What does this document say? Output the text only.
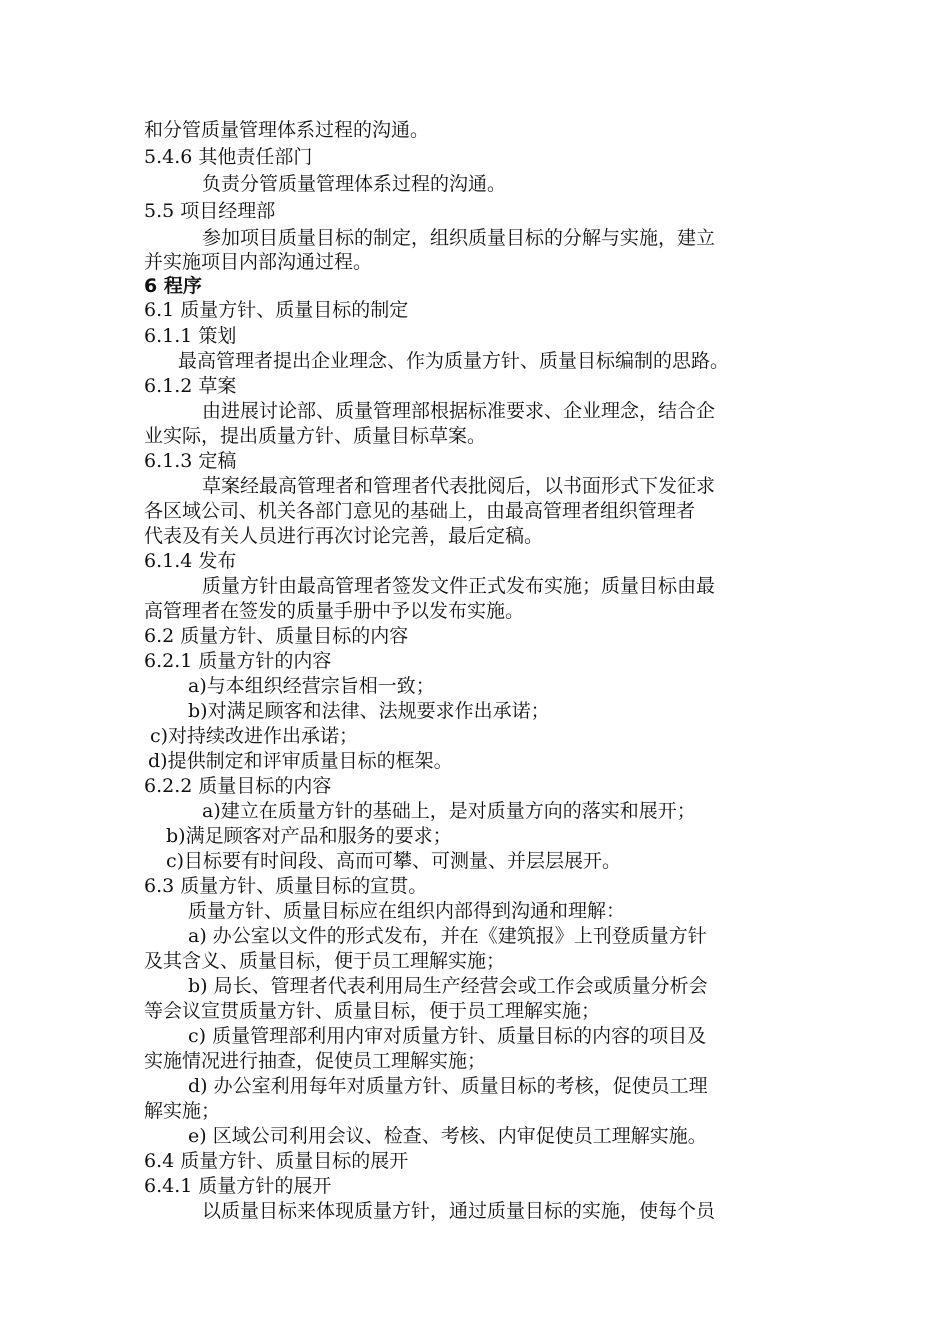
和分管质量管理体系过程的沟通。
5.4.6 其他责任部门
负责分管质量管理体系过程的沟通。
5.5 项目经理部
参加项目质量目标的制定，组织质量目标的分解与实施，建立
并实施项目内部沟通过程。
6 程序
6.1 质量方针、质量目标的制定
6.1.1 策划
最高管理者提出企业理念、作为质量方针、质量目标编制的思路。
6.1.2 草案
由进展讨论部、质量管理部根据标准要求、企业理念，结合企
业实际，提出质量方针、质量目标草案。
6.1.3 定稿
草案经最高管理者和管理者代表批阅后，以书面形式下发征求
各区域公司、机关各部门意见的基础上，由最高管理者组织管理者
代表及有关人员进行再次讨论完善，最后定稿。
6.1.4 发布
质量方针由最高管理者签发文件正式发布实施；质量目标由最
高管理者在签发的质量手册中予以发布实施。
6.2 质量方针、质量目标的内容
6.2.1 质量方针的内容
a)与本组织经营宗旨相一致；
b)对满足顾客和法律、法规要求作出承诺；
c)对持续改进作出承诺；
d)提供制定和评审质量目标的框架。
6.2.2 质量目标的内容
a)建立在质量方针的基础上，是对质量方向的落实和展开；
b)满足顾客对产品和服务的要求；
c)目标要有时间段、高而可攀、可测量、并层层展开。
6.3 质量方针、质量目标的宣贯。
质量方针、质量目标应在组织内部得到沟通和理解：
a) 办公室以文件的形式发布，并在《建筑报》上刊登质量方针
及其含义、质量目标，便于员工理解实施；
b) 局长、管理者代表利用局生产经营会或工作会或质量分析会
等会议宣贯质量方针、质量目标，便于员工理解实施；
c) 质量管理部利用内审对质量方针、质量目标的内容的项目及
实施情况进行抽查，促使员工理解实施；
d) 办公室利用每年对质量方针、质量目标的考核，促使员工理
解实施；
e) 区域公司利用会议、检查、考核、内审促使员工理解实施。
6.4 质量方针、质量目标的展开
6.4.1 质量方针的展开
以质量目标来体现质量方针，通过质量目标的实施，使每个员
